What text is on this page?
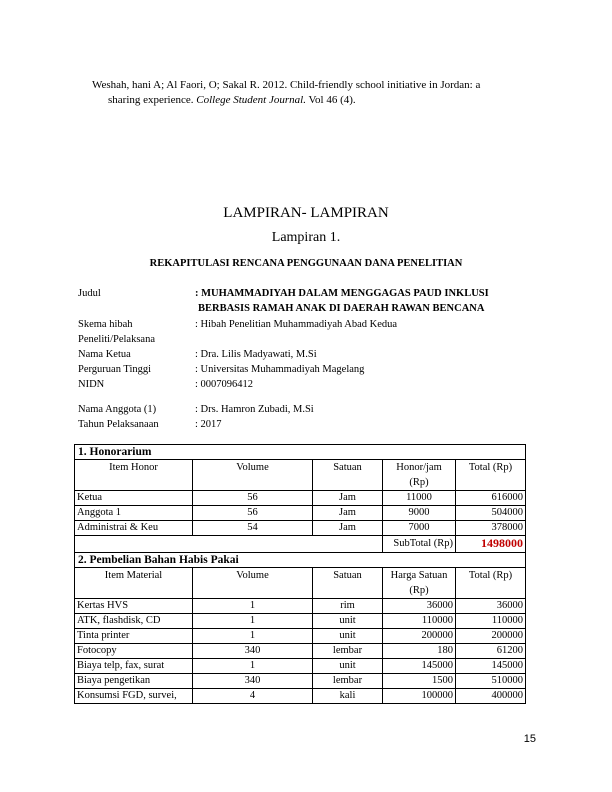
Weshah, hani A; Al Faori, O; Sakal R. 2012. Child-friendly school initiative in Jordan: a
sharing experience. College Student Journal. Vol 46 (4).
LAMPIRAN- LAMPIRAN
Lampiran 1.
REKAPITULASI RENCANA PENGGUNAAN DANA PENELITIAN
Judul	: MUHAMMADIYAH DALAM MENGGAGAS PAUD INKLUSI
BERBASIS RAMAH ANAK DI DAERAH RAWAN BENCANA
Skema hibah	: Hibah Penelitian Muhammadiyah Abad Kedua
Peneliti/Pelaksana
Nama Ketua	: Dra. Lilis Madyawati, M.Si
Perguruan Tinggi	: Universitas Muhammadiyah Magelang
NIDN	: 0007096412
Nama Anggota (1)	: Drs. Hamron Zubadi, M.Si
Tahun Pelaksanaan	: 2017
1. Honorarium				
Item Honor	Volume	Satuan	Honor/jam	Total (Rp)
			(Rp)	
Ketua	56	Jam	11000	616000
Anggota 1	56	Jam	9000	504000
Administrai & Keu	54	Jam	7000	378000
			SubTotal (Rp)	1498000
2. Pembelian Bahan Habis Pakai				
Item Material	Volume	Satuan	Harga Satuan	Total (Rp)
			(Rp)	
Kertas HVS	1	rim	36000	36000
ATK, flashdisk, CD	1	unit	110000	110000
Tinta printer	1	unit	200000	200000
Fotocopy	340	lembar	180	61200
Biaya telp, fax, surat	1	unit	145000	145000
Biaya pengetikan	340	lembar	1500	510000
Konsumsi FGD, survei,	4	kali	100000	400000
15
